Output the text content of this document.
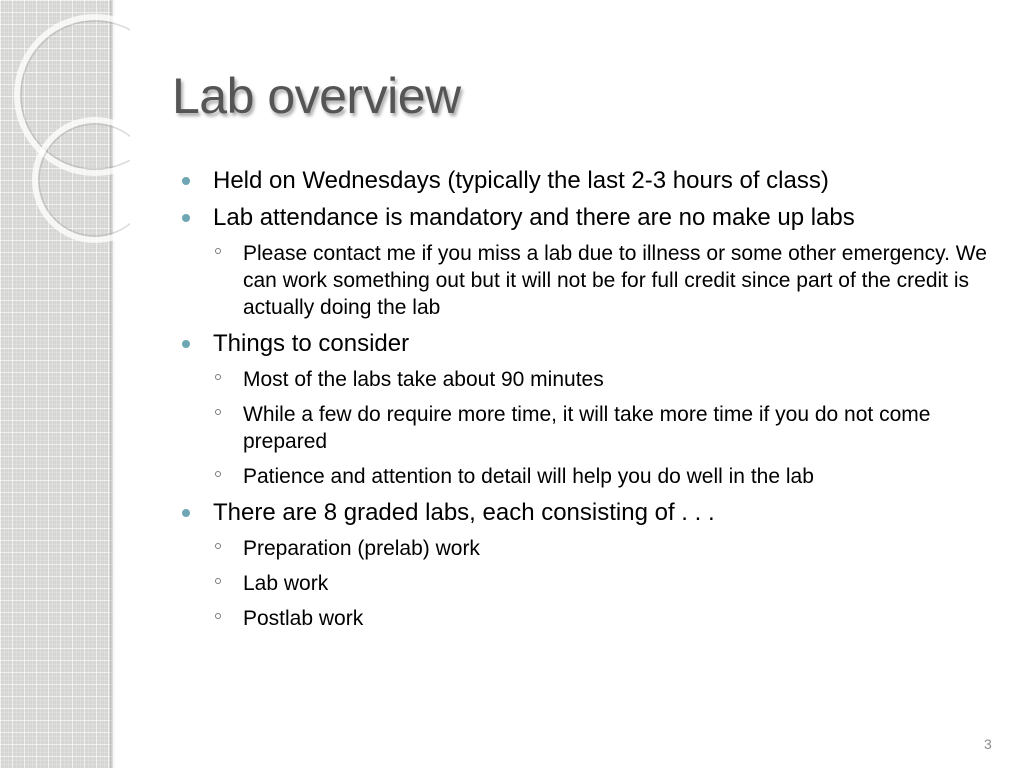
Lab overview
Held on Wednesdays (typically the last 2-3 hours of class)
Lab attendance is mandatory and there are no make up labs
Please contact me if you miss a lab due to illness or some other emergency. We can work something out but it will not be for full credit since part of the credit is actually doing the lab
Things to consider
Most of the labs take about 90 minutes
While a few do require more time, it will take more time if you do not come prepared
Patience and attention to detail will help you do well in the lab
There are 8 graded labs, each consisting of . . .
Preparation (prelab) work
Lab work
Postlab work
3
